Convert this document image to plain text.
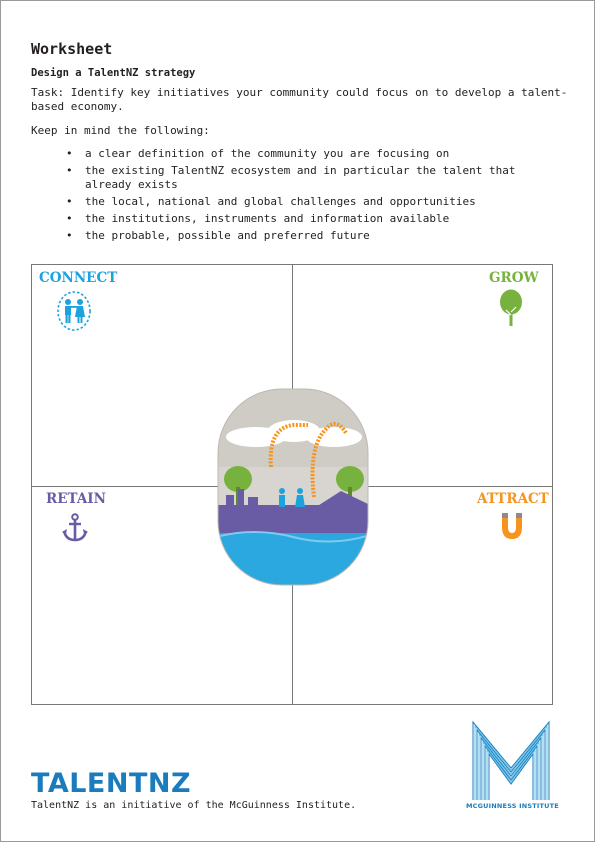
Worksheet
Design a TalentNZ strategy
Task: Identify key initiatives your community could focus on to develop a talent-based economy.
Keep in mind the following:
• a clear definition of the community you are focusing on
• the existing TalentNZ ecosystem and in particular the talent that already exists
• the local, national and global challenges and opportunities
• the institutions, instruments and information available
• the probable, possible and preferred future
CONNECT	GROW
RETAIN	ATTRACT
TALENTNZ
TalentNZ is an initiative of the McGuinness Institute.	MCGUINNESS INSTITUTE
